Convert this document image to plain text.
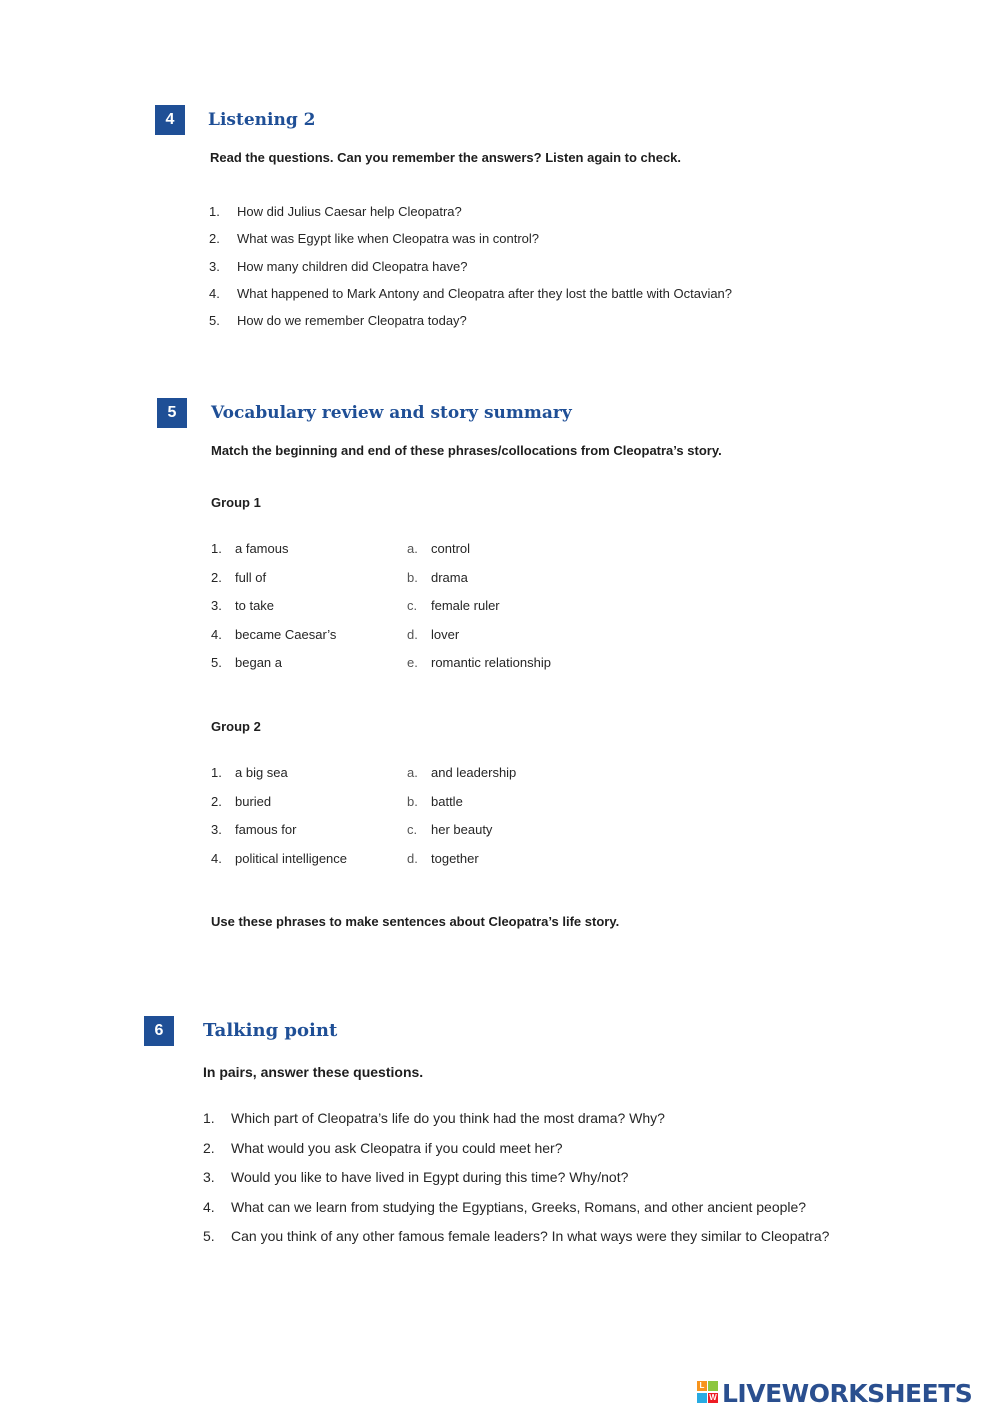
4	Listening 2
Read the questions. Can you remember the answers? Listen again to check.
1.	How did Julius Caesar help Cleopatra?
2.	What was Egypt like when Cleopatra was in control?
3.	How many children did Cleopatra have?
4.	What happened to Mark Antony and Cleopatra after they lost the battle with Octavian?
5.	How do we remember Cleopatra today?
5	Vocabulary review and story summary
Match the beginning and end of these phrases/collocations from Cleopatra’s story.
Group 1
1. a famous	a. control
2. full of	b. drama
3. to take	c. female ruler
4. became Caesar’s	d. lover
5. began a	e. romantic relationship
Group 2
1. a big sea	a. and leadership
2. buried	b. battle
3. famous for	c. her beauty
4. political intelligence	d. together
Use these phrases to make sentences about Cleopatra’s life story.
6	Talking point
In pairs, answer these questions.
1.	Which part of Cleopatra’s life do you think had the most drama? Why?
2.	What would you ask Cleopatra if you could meet her?
3.	Would you like to have lived in Egypt during this time? Why/not?
4.	What can we learn from studying the Egyptians, Greeks, Romans, and other ancient people?
5.	Can you think of any other famous female leaders? In what ways were they similar to Cleopatra?
L
W LIVEWORKSHEETS
